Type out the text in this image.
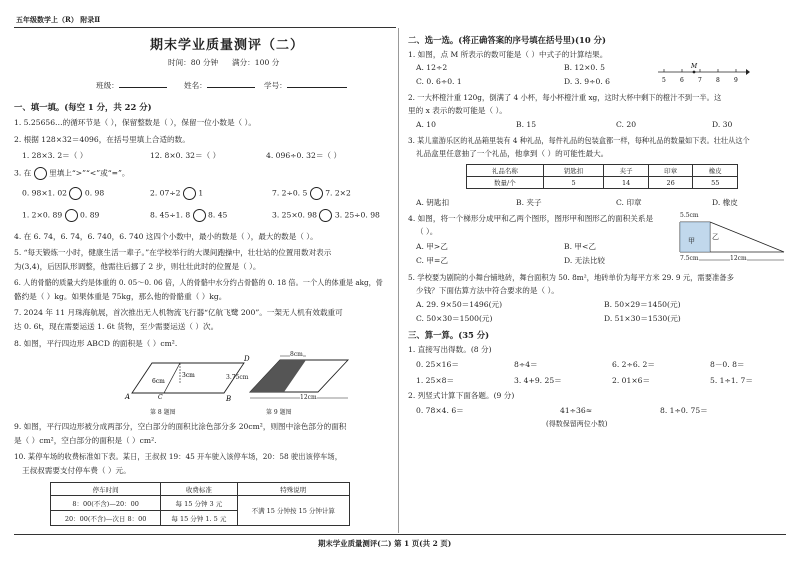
五年级数学上（R） 附录Ⅱ
期末学业质量测评（二）
时间：80 分钟 满分：100 分
班级：	姓名：	学号：
一、填一填。(每空 1 分，共 22 分)
1. 5.25656…的循环节是（ ），保留整数是（ ），保留一位小数是（ ）。
2. 根据 128×32＝4096，在括号里填上合适的数。
1. 28×3. 2＝（ ）	12. 8×0. 32＝（ ）	4. 096÷0. 32＝（ ）
3. 在 里填上“>”“<”或“=”。
0. 98×1. 02 0. 98	2. 07÷2 1	7. 2÷0. 5 7. 2×2
1. 2×0. 89 0. 89	8. 45÷1. 8 8. 45	3. 25×0. 98 3. 25÷0. 98
4. 在 6. 74，6. 74̇，6. 7̇40̇，6. 740 这四个小数中，最小的数是（ ），最大的数是（ ）。
5. “每天锻炼一小时，健康生活一辈子。”在学校举行的大课间跑操中，壮壮站的位置用数对表示
为(3,4)，后因队形调整，他需往后挪了 2 步，则壮壮此时的位置是（ ）。
6. 人的骨骼的质量大约是体重的 0. 05～0. 06 倍，人的骨骼中水分约占骨骼的 0. 18 倍。一个人的体重是 akg，骨
骼约是（ ）kg。如果体重是 75kg，那么他的骨骼重（ ）kg。
7. 2024 年 11 月珠海航展，首次推出无人机物流飞行器“亿航飞鹭 200”。一架无人机有效载重可
达 0. 6t，现在需要运送 1. 6t 货物，至少需要运送（ ）次。
8. 如图，平行四边形 ABCD 的面积是（ ）cm².
A	B
C
D
3cm
6cm
3.75cm
第 8 题图
8cm
12cm
第 9 题图
9. 如图，平行四边形被分成两部分，空白部分的面积比涂色部分多 20cm²，则图中涂色部分的面积
是（ ）cm²，空白部分的面积是（ ）cm².
10. 某停车场的收费标准如下表。某日，王叔叔 19：45 开车驶入该停车场，20：58 驶出该停车场，
王叔叔需要支付停车费（ ）元。
停车时间	收费标准	特殊说明
8：00(不含)—20：00	每 15 分钟 3 元	不满 15 分钟按 15 分钟计算
20：00(不含)—次日 8：00	每 15 分钟 1. 5 元	
二、选一选。(将正确答案的序号填在括号里)(10 分)
1. 如图，点 M 所表示的数可能是（ ）中式子的计算结果。
A. 12÷2	B. 12×0. 5
C. 0. 6÷0. 1	D. 3. 9÷0. 6
M
5 6 7 8 9
2. 一大杯橙汁重 120g，倒满了 4 小杯，每小杯橙汁重 xg，这时大杯中剩下的橙汁不到一半。这
里的 x 表示的数可能是（ ）。
A. 10	B. 15	C. 20	D. 30
3. 某儿童游乐区的礼品箱里装有 4 种礼品，每件礼品的包装盒都一样，每种礼品的数量如下表。壮壮从这个
礼品盒里任意抽了一个礼品，他拿到（ ）的可能性最大。
礼品名称	钥匙扣	夹子	印章	橡皮
数量/个	5	14	26	55
A. 钥匙扣	B. 夹子	C. 印章	D. 橡皮
4. 如图，将一个梯形分成甲和乙两个图形，图形甲和图形乙的面积关系是
（ ）。
A. 甲>乙	B. 甲<乙
C. 甲=乙	D. 无法比较
5.5cm
甲 乙
7.5cm	12cm
5. 学校要为剧院的小舞台铺地砖，舞台面积为 50. 8m²，地砖单价为每平方米 29. 9 元，需要准备多
少钱？下面估算方法中符合要求的是（ ）。
A. 29. 9×50＝1496(元)	B. 50×29＝1450(元)
C. 50×30＝1500(元)	D. 51×30＝1530(元)
三、算一算。(35 分)
1. 直接写出得数。(8 分)
0. 25×16＝	8÷4＝	6. 2÷6. 2＝	8－0. 8＝
1. 25×8＝	3. 4+9. 25＝	2. 01×6＝	5. 1÷1. 7＝
2. 列竖式计算下面各题。(9 分)
0. 78×4. 6＝	41÷36≈	8. 1÷0. 75＝
(得数保留两位小数)
期末学业质量测评(二) 第 1 页(共 2 页)
